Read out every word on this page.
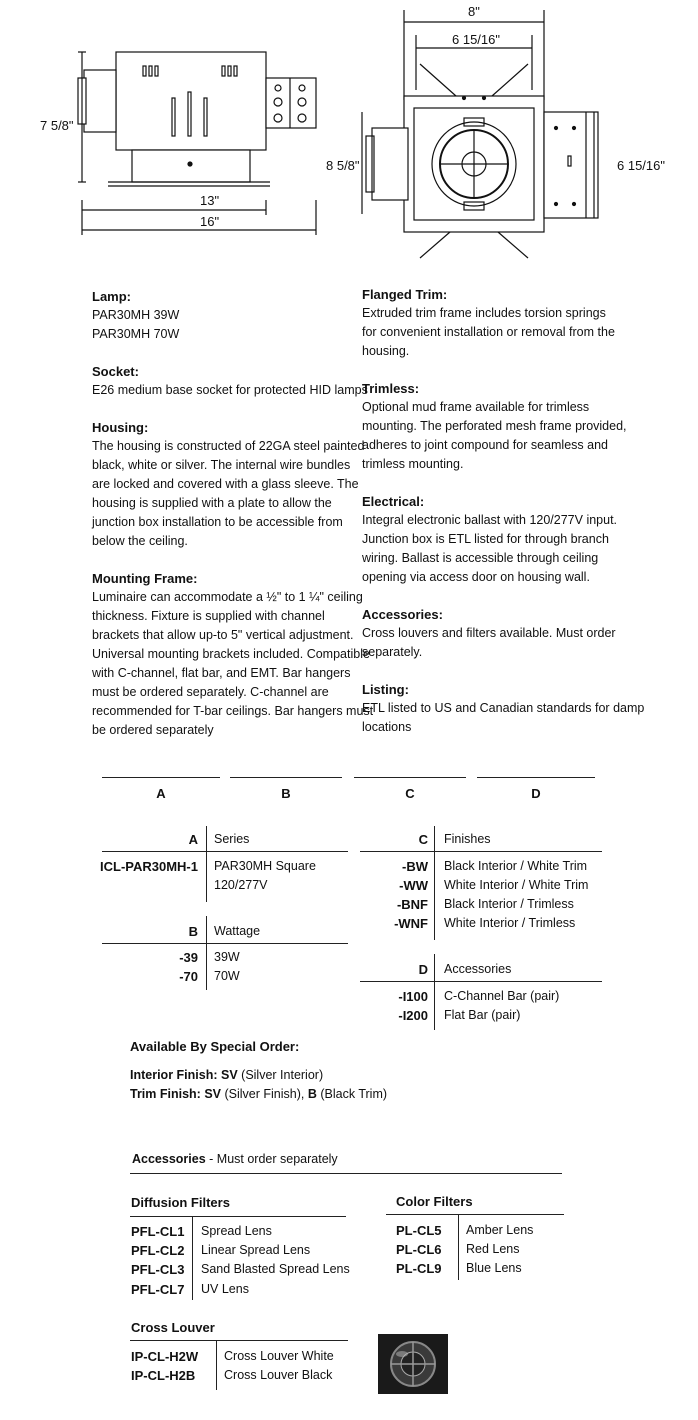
7 5/8"
13"
16"
8"
6 15/16"
8 5/8"	6 15/16"
Lamp:
PAR30MH 39W
PAR30MH 70W
Socket:
E26 medium base socket for protected HID lamps
Housing:
The housing is constructed of 22GA steel painted
black, white or silver. The internal wire bundles
are locked and covered with a glass sleeve. The
housing is supplied with a plate to allow the
junction box installation to be accessible from
below the ceiling.
Mounting Frame:
Luminaire can accommodate a ½" to 1 ¼" ceiling
thickness. Fixture is supplied with channel
brackets that allow up-to 5" vertical adjustment.
Universal mounting brackets included. Compatible
with C-channel, flat bar, and EMT. Bar hangers
must be ordered separately. C-channel are
recommended for T-bar ceilings. Bar hangers must
be ordered separately
Flanged Trim:
Extruded trim frame includes torsion springs
for convenient installation or removal from the
housing.
Trimless:
Optional mud frame available for trimless
mounting. The perforated mesh frame provided,
adheres to joint compound for seamless and
trimless mounting.
Electrical:
Integral electronic ballast with 120/277V input.
Junction box is ETL listed for through branch
wiring. Ballast is accessible through ceiling
opening via access door on housing wall.
Accessories:
Cross louvers and filters available. Must order
separately.
Listing:
ETL listed to US and Canadian standards for damp
locations
A	B	C	D
A Series
ICL-PAR30MH-1 PAR30MH Square
120/277V
B Wattage
-39 39W
-70 70W
C Finishes
-BW Black Interior / White Trim
-WW White Interior / White Trim
-BNF Black Interior / Trimless
-WNF White Interior / Trimless
D Accessories
-I100 C-Channel Bar (pair)
-I200 Flat Bar (pair)
Available By Special Order:
Interior Finish: SV (Silver Interior)
Trim Finish: SV (Silver Finish), B (Black Trim)
Accessories - Must order separately
Diffusion Filters
PFL-CL1 Spread Lens
PFL-CL2 Linear Spread Lens
PFL-CL3 Sand Blasted Spread Lens
PFL-CL7 UV Lens
Color Filters
PL-CL5 Amber Lens
PL-CL6 Red Lens
PL-CL9 Blue Lens
Cross Louver
IP-CL-H2W Cross Louver White
IP-CL-H2B Cross Louver Black
